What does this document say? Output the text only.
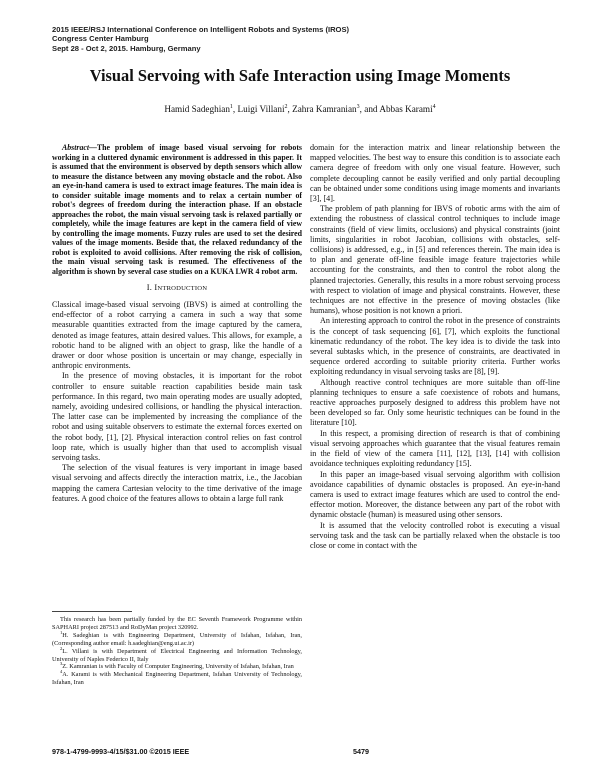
2015 IEEE/RSJ International Conference on Intelligent Robots and Systems (IROS)
Congress Center Hamburg
Sept 28 - Oct 2, 2015. Hamburg, Germany
Visual Servoing with Safe Interaction using Image Moments
Hamid Sadeghian$^1$, Luigi Villani$^2$, Zahra Kamranian$^3$, and Abbas Karami$^4$

Abstract—The problem of image based visual servoing for robots working in a cluttered dynamic environment is addressed in this paper. It is assumed that the environment is observed by depth sensors which allow to measure the distance between any moving obstacle and the robot. Also an eye-in-hand camera is used to extract image features. The main idea is to consider suitable image moments and to relax a certain number of robot's degrees of freedom during the interaction phase. If an obstacle approaches the robot, the main visual servoing task is relaxed partially or completely, while the image features are kept in the camera field of view by controlling the image moments. Fuzzy rules are used to set the desired values of the image moments. Beside that, the relaxed redundancy of the robot is exploited to avoid collisions. After removing the risk of collision, the main visual servoing task is resumed. The effectiveness of the algorithm is shown by several case studies on a KUKA LWR 4 robot arm.

I. INTRODUCTION

Classical image-based visual servoing (IBVS) is aimed at controlling the end-effector of a robot carrying a camera in such a way that some measurable quantities extracted from the image captured by the camera, denoted as image features, attain desired values. This allows, for example, a robotic hand to be aligned with an object to grasp, like the handle of a drawer or door whose position is uncertain or may change, especially in anthropic environments.

In the presence of moving obstacles, it is important for the robot controller to ensure suitable reaction capabilities beside main task performance. In this regard, two main operating modes are usually adopted, namely, avoiding undesired collisions, or handling the physical interaction. The latter case can be implemented by increasing the compliance of the robot and using suitable observers to estimate the external forces exerted on the robot body, [1], [2]. Physical interaction control relies on fast control loop rate, which is usually higher than that used to accomplish visual servoing tasks.

The selection of the visual features is very important in image based visual servoing and affects directly the interaction matrix, i.e., the Jacobian mapping the camera Cartesian velocity to the time derivative of the image features. A good choice of the features allows to obtain a large full rank

This research has been partially funded by the EC Seventh Framework Programme within SAPHARI project 287513 and RoDyMan project 320992.

$^1$H. Sadeghian is with Engineering Department, University of Isfahan, Isfahan, Iran, (Corresponding author email: h.sadeghian@eng.ui.ac.ir)

$^2$L. Villani is with Department of Electrical Engineering and Information Technology, University of Naples Federico II, Italy

$^3$Z. Kamranian is with Faculty of Computer Engineering, University of Isfahan, Isfahan, Iran

$^4$A. Karami is with Mechanical Engineering Department, Isfahan University of Technology, Isfahan, Iran

domain for the interaction matrix and linear relationship between the mapped velocities. The best way to ensure this condition is to associate each camera degree of freedom with only one visual feature. However, such complete decoupling cannot be easily verified and only partial decoupling can be obtained under some conditions using image moments and invariants [3], [4].

The problem of path planning for IBVS of robotic arms with the aim of extending the robustness of classical control techniques to include image constraints (field of view limits, occlusions) and physical constraints (joint limits, singularities in robot Jacobian, collisions with obstacles, self-collisions) is addressed, e.g., in [5] and references therein. The main idea is to plan and generate off-line feasible image feature trajectories while accounting for the constraints, and then to control the robot along the planned trajectories. Generally, this results in a more robust servoing process with respect to violation of image and physical constraints. However, these techniques are not effective in the presence of moving obstacles (like humans), whose position is not known a priori.

An interesting approach to control the robot in the presence of constraints is the concept of task sequencing [6], [7], which exploits the functional kinematic redundancy of the robot. The key idea is to divide the task into several subtasks which, in the presence of constraints, are deactivated in sequence ordered according to suitable priority criteria. Further works exploiting redundancy in visual servoing tasks are [8], [9].

Although reactive control techniques are more suitable than off-line planning techniques to ensure a safe coexistence of robots and humans, reactive approaches purposely designed to address this problem have not been developed so far. Only some heuristic techniques can be found in the literature [10].

In this respect, a promising direction of research is that of combining visual servoing approaches which guarantee that the visual features remain in the field of view of the camera [11], [12], [13], [14] with collision avoidance techniques exploiting redundancy [15].

In this paper an image-based visual servoing algorithm with collision avoidance capabilities of dynamic obstacles is proposed. An eye-in-hand camera is used to extract image features which are used to control the end-effector motion. Moreover, the distance between any part of the robot with dynamic obstacle (human) is measured using other sensors.

It is assumed that the velocity controlled robot is executing a visual servoing task and the task can be partially relaxed when the obstacle is too close or come in contact with the

978-1-4799-9993-4/15/$31.00 ©2015 IEEE	5479
